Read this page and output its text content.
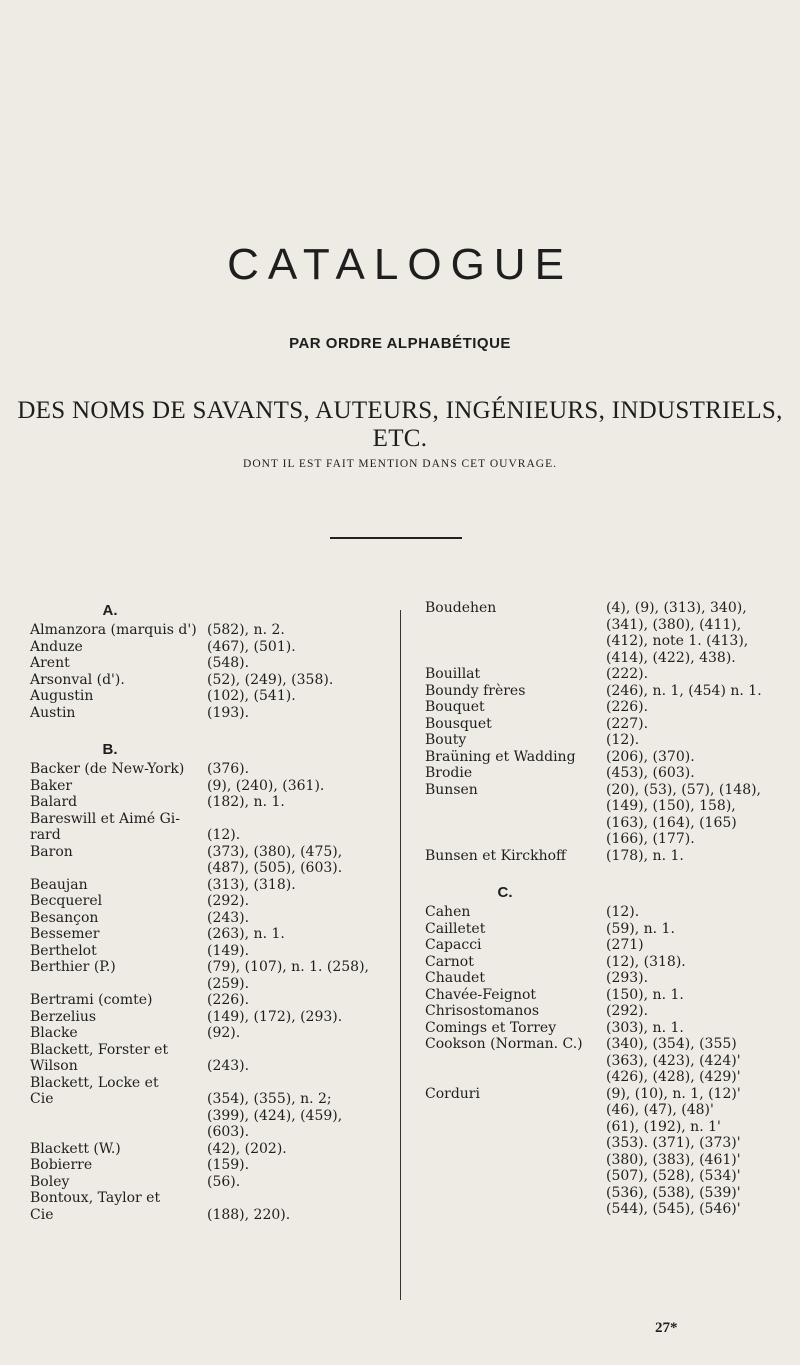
CATALOGUE
PAR ORDRE ALPHABÉTIQUE
DES NOMS DE SAVANTS, AUTEURS, INGÉNIEURS, INDUSTRIELS, ETC.
DONT IL EST FAIT MENTION DANS CET OUVRAGE.
A.
Almanzora (marquis d') (582), n. 2.
Anduze	(467), (501).
Arent	(548).
Arsonval (d').	(52), (249), (358).
Augustin	(102), (541).
Austin	(193).
B.
Backer (de New-York)	(376).
Baker	(9), (240), (361).
Balard	(182), n. 1.
Bareswill et Aimé Gi-
rard	
(12).
Baron	(373), (380), (475),
(487), (505), (603).
Beaujan	(313), (318).
Becquerel	(292).
Besançon	(243).
Bessemer	(263), n. 1.
Berthelot	(149).
Berthier (P.)	(79), (107), n. 1. (258),
(259).
Bertrami (comte)	(226).
Berzelius	(149), (172), (293).
Blacke	(92).
Blackett, Forster et
Wilson	
(243).
Blackett, Locke et
Cie	
(354), (355), n. 2;
(399), (424), (459),
(603).
Blackett (W.)	(42), (202).
Bobierre	(159).
Boley	(56).
Bontoux, Taylor et
Cie	
(188), 220).
Boudehen	(4), (9), (313), 340),
(341), (380), (411),
(412), note 1. (413),
(414), (422), 438).
Bouillat	(222).
Boundy frères	(246), n. 1, (454) n. 1.
Bouquet	(226).
Bousquet	(227).
Bouty	(12).
Braüning et Wadding	(206), (370).
Brodie	(453), (603).
Bunsen	(20), (53), (57), (148),
(149), (150), 158),
(163), (164), (165)
(166), (177).
Bunsen et Kirckhoff	(178), n. 1.
C.
Cahen	(12).
Cailletet	(59), n. 1.
Capacci	(271)
Carnot	(12), (318).
Chaudet	(293).
Chavée-Feignot	(150), n. 1.
Chrisostomanos	(292).
Comings et Torrey	(303), n. 1.
Cookson (Norman. C.)	(340), (354), (355)
(363), (423), (424)'
(426), (428), (429)'
Corduri	(9), (10), n. 1, (12)'
(46), (47), (48)'
(61), (192), n. 1'
(353). (371), (373)'
(380), (383), (461)'
(507), (528), (534)'
(536), (538), (539)'
(544), (545), (546)'
27*
